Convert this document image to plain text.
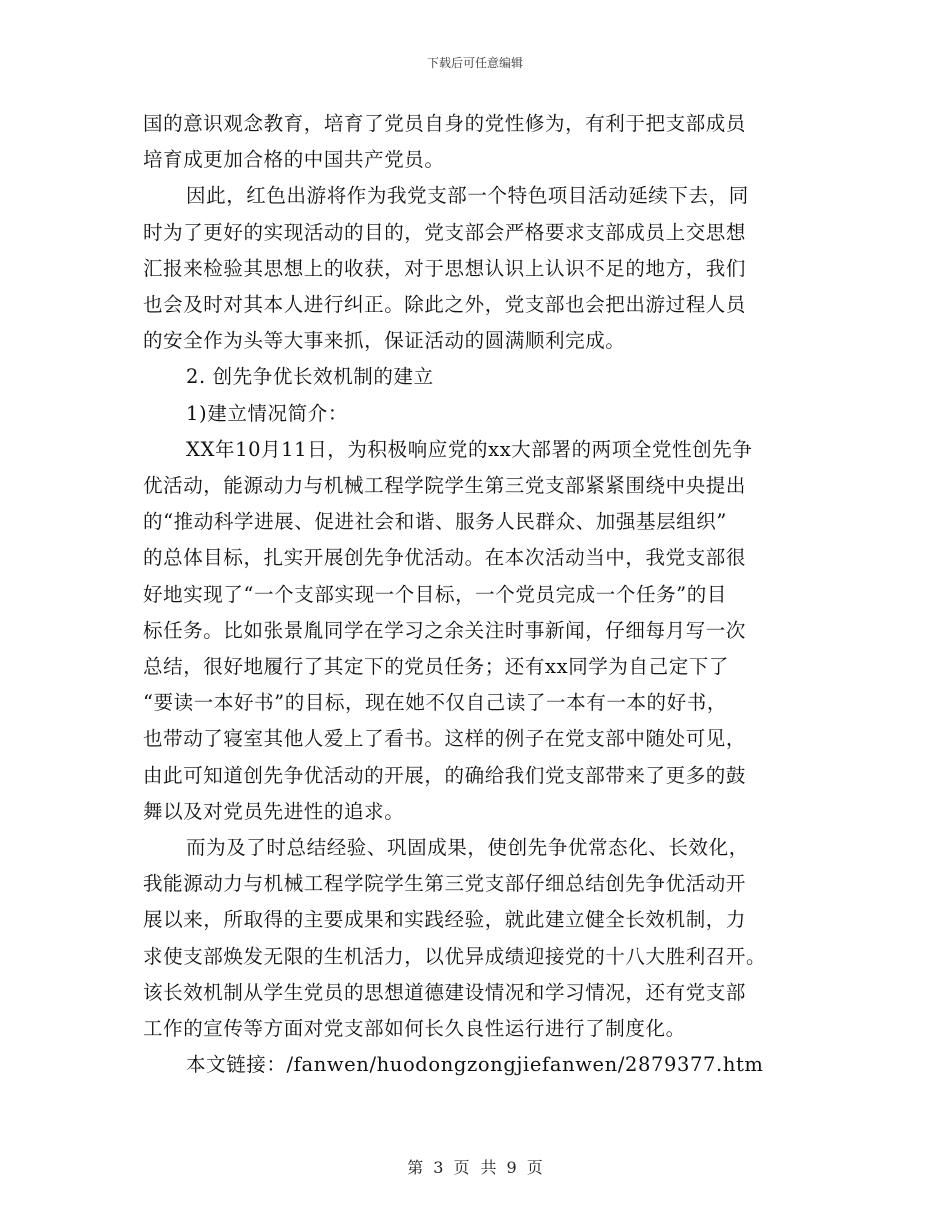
下载后可任意编辑

国的意识观念教育，培育了党员自身的党性修为，有利于把支部成员

培育成更加合格的中国共产党员。

因此，红色出游将作为我党支部一个特色项目活动延续下去，同

时为了更好的实现活动的目的，党支部会严格要求支部成员上交思想

汇报来检验其思想上的收获，对于思想认识上认识不足的地方，我们

也会及时对其本人进行纠正。除此之外，党支部也会把出游过程人员

的安全作为头等大事来抓，保证活动的圆满顺利完成。

2. 创先争优长效机制的建立

1)建立情况简介：

XX年10月11日，为积极响应党的xx大部署的两项全党性创先争

优活动，能源动力与机械工程学院学生第三党支部紧紧围绕中央提出

的“推动科学进展、促进社会和谐、服务人民群众、加强基层组织”

的总体目标，扎实开展创先争优活动。在本次活动当中，我党支部很

好地实现了“一个支部实现一个目标，一个党员完成一个任务”的目

标任务。比如张景胤同学在学习之余关注时事新闻，仔细每月写一次

总结，很好地履行了其定下的党员任务；还有xx同学为自己定下了

“要读一本好书”的目标，现在她不仅自己读了一本有一本的好书，

也带动了寝室其他人爱上了看书。这样的例子在党支部中随处可见，

由此可知道创先争优活动的开展，的确给我们党支部带来了更多的鼓

舞以及对党员先进性的追求。

而为及了时总结经验、巩固成果，使创先争优常态化、长效化，

我能源动力与机械工程学院学生第三党支部仔细总结创先争优活动开

展以来，所取得的主要成果和实践经验，就此建立健全长效机制，力

求使支部焕发无限的生机活力，以优异成绩迎接党的十八大胜利召开。

该长效机制从学生党员的思想道德建设情况和学习情况，还有党支部

工作的宣传等方面对党支部如何长久良性运行进行了制度化。

本文链接：/fanwen/huodongzongjiefanwen/2879377.htm

第 3 页 共 9 页
